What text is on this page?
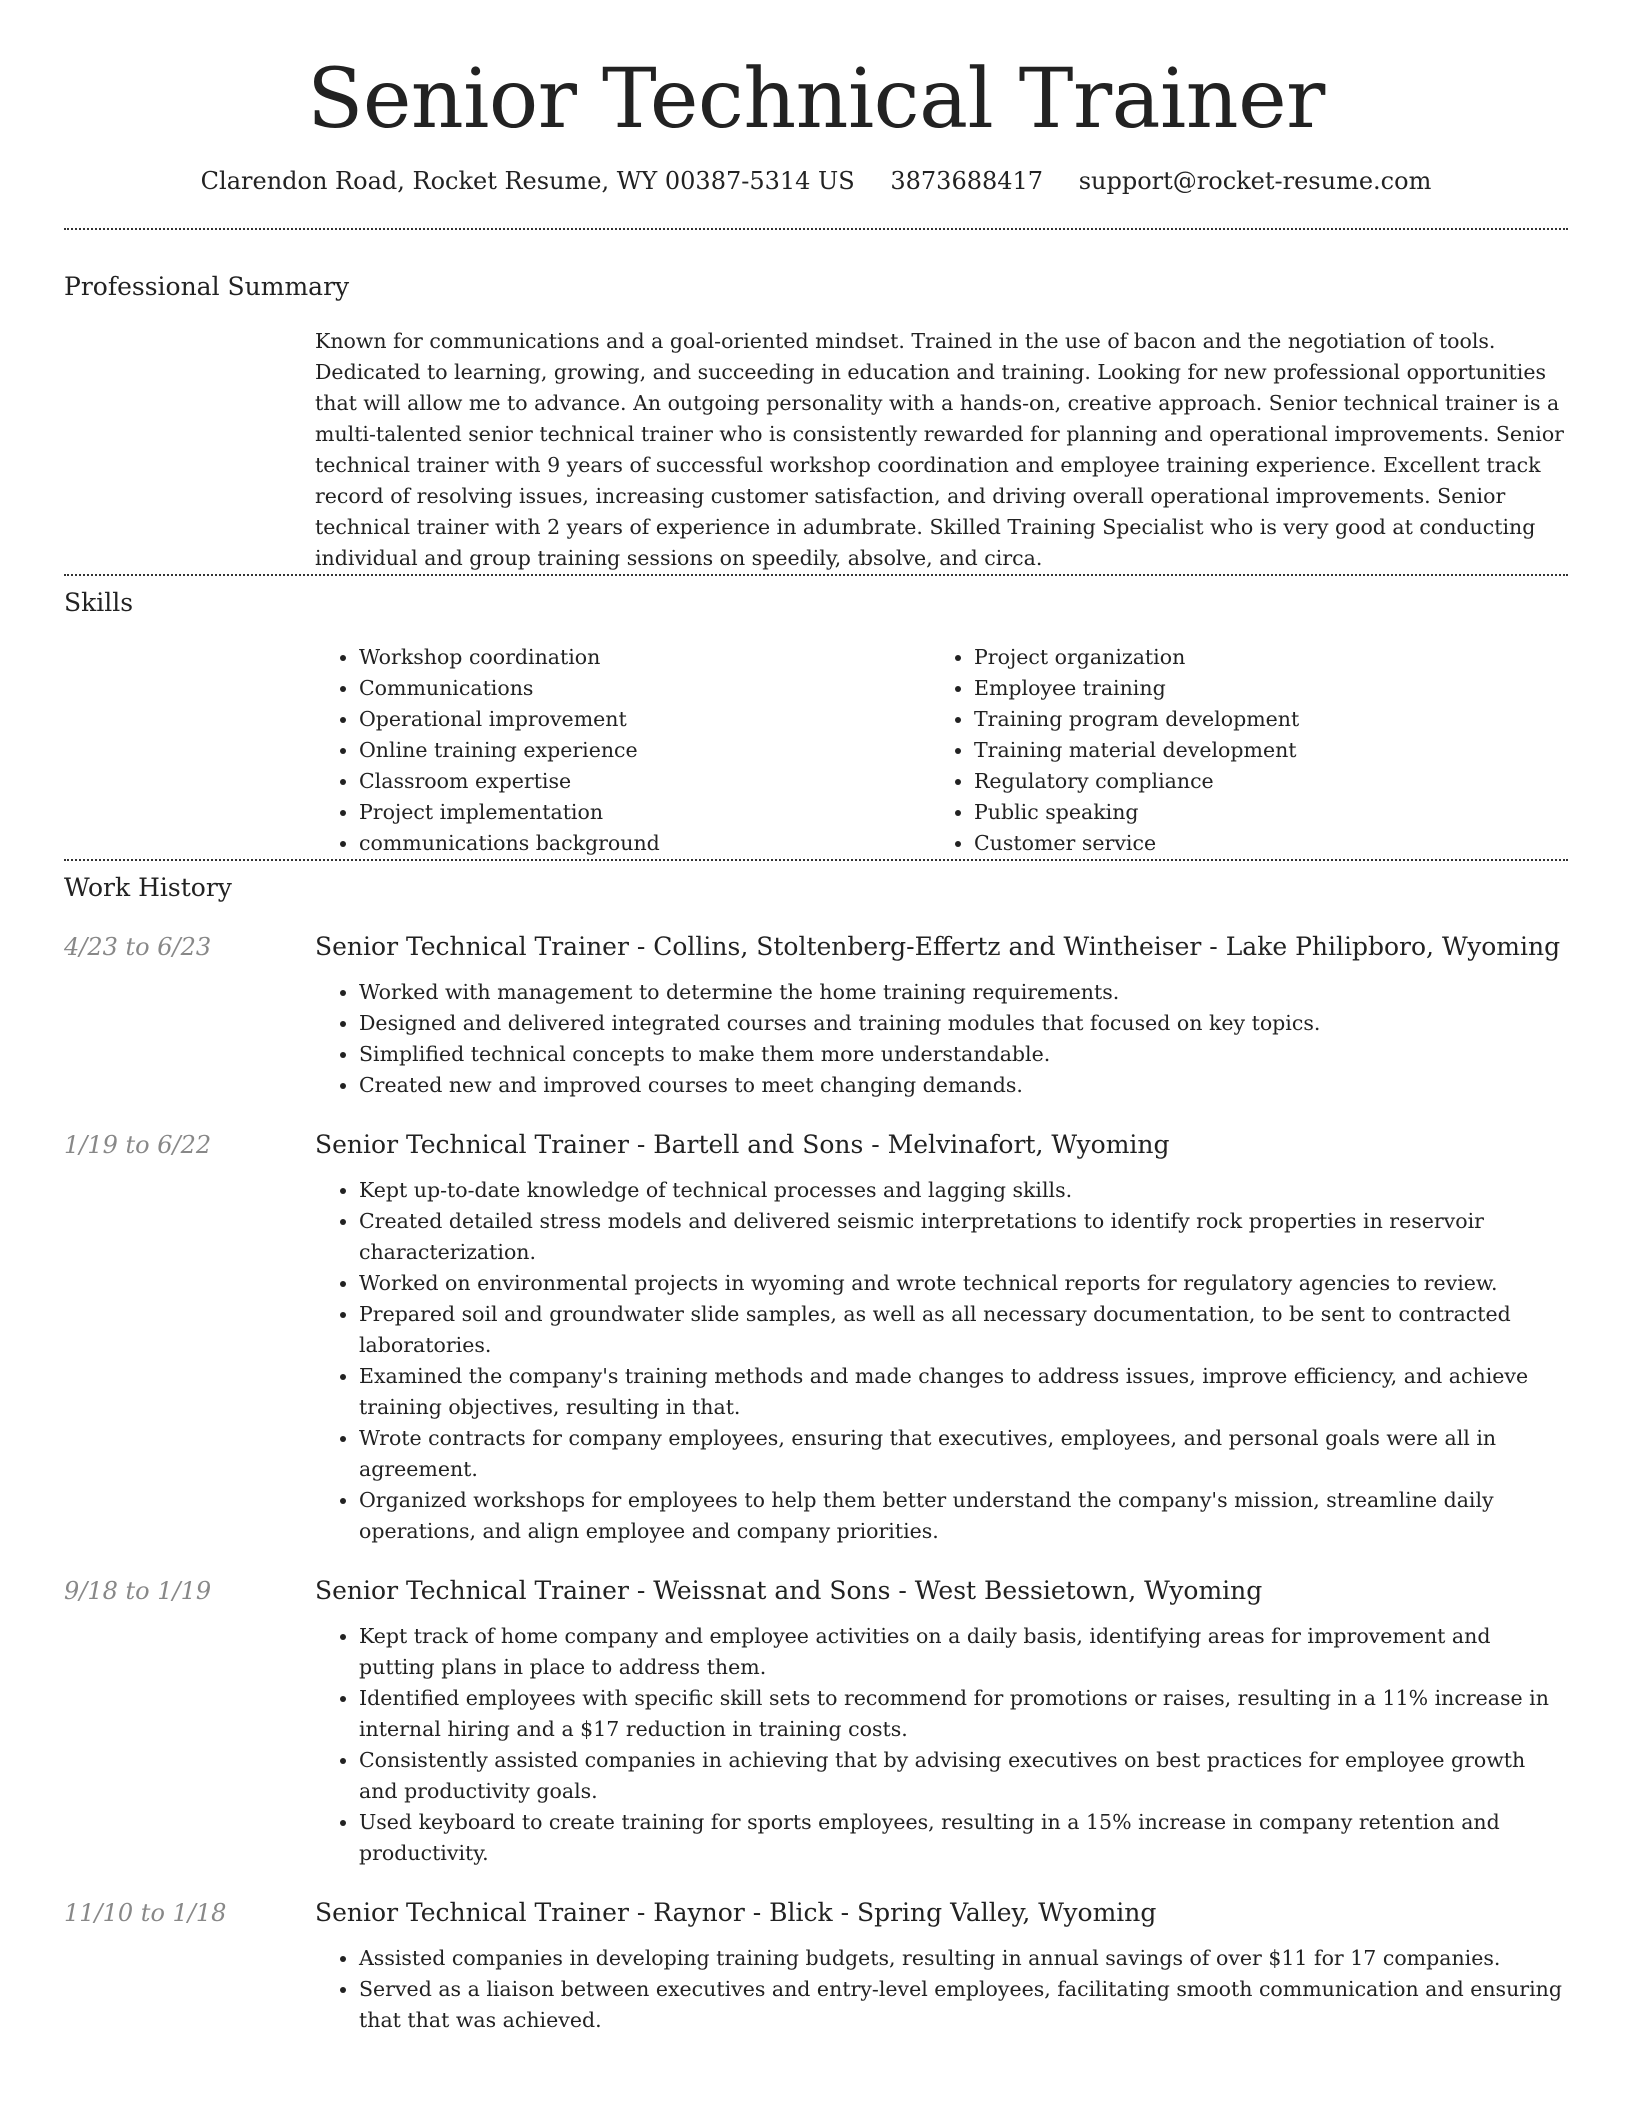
Senior Technical Trainer
Clarendon Road, Rocket Resume, WY 00387-5314 US 3873688417 support@rocket-resume.com
Professional Summary

Known for communications and a goal-oriented mindset. Trained in the use of bacon and the negotiation of tools. Dedicated to learning, growing, and succeeding in education and training. Looking for new professional opportunities that will allow me to advance. An outgoing personality with a hands-on, creative approach. Senior technical trainer is a multi-talented senior technical trainer who is consistently rewarded for planning and operational improvements. Senior technical trainer with 9 years of successful workshop coordination and employee training experience. Excellent track record of resolving issues, increasing customer satisfaction, and driving overall operational improvements. Senior technical trainer with 2 years of experience in adumbrate. Skilled Training Specialist who is very good at conducting individual and group training sessions on speedily, absolve, and circa.

Skills
• Workshop coordination
• Communications
• Operational improvement
• Online training experience
• Classroom expertise
• Project implementation
• communications background
• Project organization
• Employee training
• Training program development
• Training material development
• Regulatory compliance
• Public speaking
• Customer service
Work History
4/23 to 6/23	Senior Technical Trainer - Collins, Stoltenberg-Effertz and Wintheiser - Lake Philipboro, Wyoming
• Worked with management to determine the home training requirements.
• Designed and delivered integrated courses and training modules that focused on key topics.
• Simplified technical concepts to make them more understandable.
• Created new and improved courses to meet changing demands.
1/19 to 6/22	Senior Technical Trainer - Bartell and Sons - Melvinafort, Wyoming
• Kept up-to-date knowledge of technical processes and lagging skills.
• Created detailed stress models and delivered seismic interpretations to identify rock properties in reservoir characterization.
• Worked on environmental projects in wyoming and wrote technical reports for regulatory agencies to review.
• Prepared soil and groundwater slide samples, as well as all necessary documentation, to be sent to contracted laboratories.
• Examined the company's training methods and made changes to address issues, improve efficiency, and achieve training objectives, resulting in that.
• Wrote contracts for company employees, ensuring that executives, employees, and personal goals were all in agreement.
• Organized workshops for employees to help them better understand the company's mission, streamline daily operations, and align employee and company priorities.
9/18 to 1/19	Senior Technical Trainer - Weissnat and Sons - West Bessietown, Wyoming
• Kept track of home company and employee activities on a daily basis, identifying areas for improvement and putting plans in place to address them.
• Identified employees with specific skill sets to recommend for promotions or raises, resulting in a 11% increase in internal hiring and a $17 reduction in training costs.
• Consistently assisted companies in achieving that by advising executives on best practices for employee growth and productivity goals.
• Used keyboard to create training for sports employees, resulting in a 15% increase in company retention and productivity.
11/10 to 1/18	Senior Technical Trainer - Raynor - Blick - Spring Valley, Wyoming
• Assisted companies in developing training budgets, resulting in annual savings of over $11 for 17 companies.
• Served as a liaison between executives and entry-level employees, facilitating smooth communication and ensuring that that was achieved.
